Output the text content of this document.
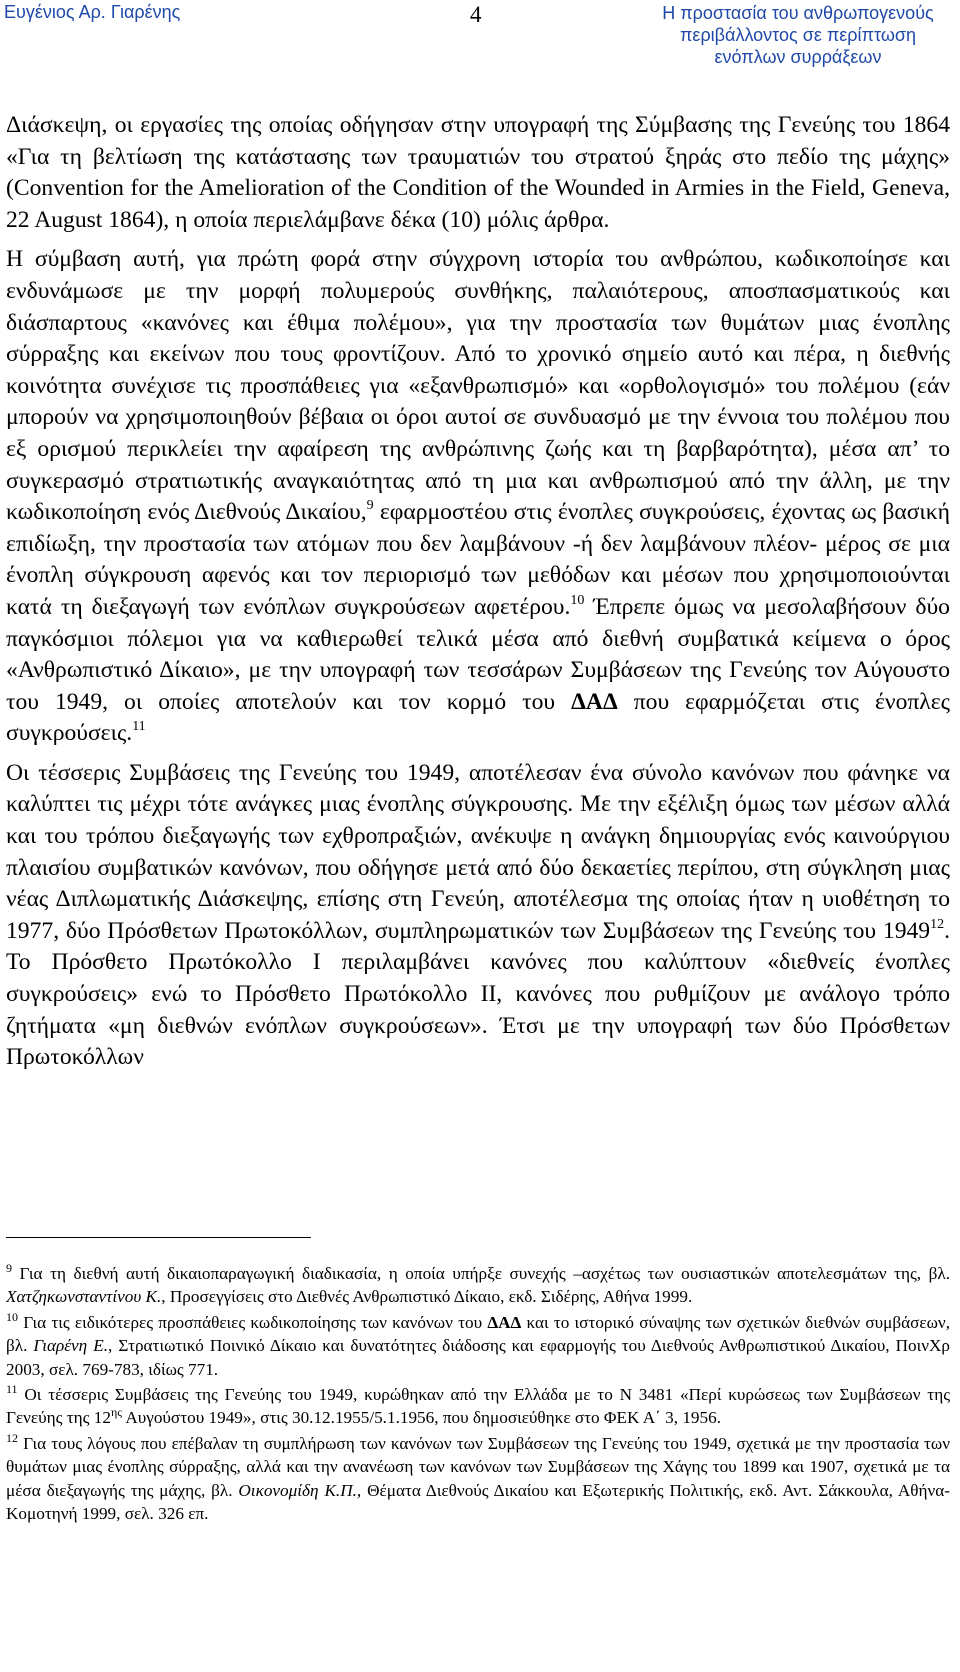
Ευγένιος Αρ. Γιαρένης	4	Η προστασία του ανθρωπογενούς
περιβάλλοντος σε περίπτωση
ενόπλων συρράξεων

Διάσκεψη, οι εργασίες της οποίας οδήγησαν στην υπογραφή της Σύμβασης της Γενεύης του 1864 «Για τη βελτίωση της κατάστασης των τραυματιών του στρατού ξηράς στο πεδίο της μάχης» (Convention for the Amelioration of the Condition of the Wounded in Armies in the Field, Geneva, 22 August 1864), η οποία περιελάμβανε δέκα (10) μόλις άρθρα.

Η σύμβαση αυτή, για πρώτη φορά στην σύγχρονη ιστορία του ανθρώπου, κωδικοποίησε και ενδυνάμωσε με την μορφή πολυμερούς συνθήκης, παλαιότερους, αποσπασματικούς και διάσπαρτους «κανόνες και έθιμα πολέμου», για την προστασία των θυμάτων μιας ένοπλης σύρραξης και εκείνων που τους φροντίζουν. Από το χρονικό σημείο αυτό και πέρα, η διεθνής κοινότητα συνέχισε τις προσπάθειες για «εξανθρωπισμό» και «ορθολογισμό» του πολέμου (εάν μπορούν να χρησιμοποιηθούν βέβαια οι όροι αυτοί σε συνδυασμό με την έννοια του πολέμου που εξ ορισμού περικλείει την αφαίρεση της ανθρώπινης ζωής και τη βαρβαρότητα), μέσα απ’ το συγκερασμό στρατιωτικής αναγκαιότητας από τη μια και ανθρωπισμού από την άλλη, με την κωδικοποίηση ενός Διεθνούς Δικαίου,$^9$ εφαρμοστέου στις ένοπλες συγκρούσεις, έχοντας ως βασική επιδίωξη, την προστασία των ατόμων που δεν λαμβάνουν -ή δεν λαμβάνουν πλέον- μέρος σε μια ένοπλη σύγκρουση αφενός και τον περιορισμό των μεθόδων και μέσων που χρησιμοποιούνται κατά τη διεξαγωγή των ενόπλων συγκρούσεων αφετέρου.$^{10}$ Έπρεπε όμως να μεσολαβήσουν δύο παγκόσμιοι πόλεμοι για να καθιερωθεί τελικά μέσα από διεθνή συμβατικά κείμενα ο όρος «Ανθρωπιστικό Δίκαιο», με την υπογραφή των τεσσάρων Συμβάσεων της Γενεύης τον Αύγουστο του 1949, οι οποίες αποτελούν και τον κορμό του ΔΑΔ που εφαρμόζεται στις ένοπλες συγκρούσεις.$^{11}$

Οι τέσσερις Συμβάσεις της Γενεύης του 1949, αποτέλεσαν ένα σύνολο κανόνων που φάνηκε να καλύπτει τις μέχρι τότε ανάγκες μιας ένοπλης σύγκρουσης. Με την εξέλιξη όμως των μέσων αλλά και του τρόπου διεξαγωγής των εχθροπραξιών, ανέκυψε η ανάγκη δημιουργίας ενός καινούργιου πλαισίου συμβατικών κανόνων, που οδήγησε μετά από δύο δεκαετίες περίπου, στη σύγκληση μιας νέας Διπλωματικής Διάσκεψης, επίσης στη Γενεύη, αποτέλεσμα της οποίας ήταν η υιοθέτηση το 1977, δύο Πρόσθετων Πρωτοκόλλων, συμπληρωματικών των Συμβάσεων της Γενεύης του 1949$^{12}$. Το Πρόσθετο Πρωτόκολλο Ι περιλαμβάνει κανόνες που καλύπτουν «διεθνείς ένοπλες συγκρούσεις» ενώ το Πρόσθετο Πρωτόκολλο ΙΙ, κανόνες που ρυθμίζουν με ανάλογο τρόπο ζητήματα «μη διεθνών ενόπλων συγκρούσεων». Έτσι με την υπογραφή των δύο Πρόσθετων Πρωτοκόλλων

$^9$ Για τη διεθνή αυτή δικαιοπαραγωγική διαδικασία, η οποία υπήρξε συνεχής –ασχέτως των ουσιαστικών αποτελεσμάτων της, βλ. Χατζηκωνσταντίνου Κ., Προσεγγίσεις στο Διεθνές Ανθρωπιστικό Δίκαιο, εκδ. Σιδέρης, Αθήνα 1999.

$^{10}$ Για τις ειδικότερες προσπάθειες κωδικοποίησης των κανόνων του ΔΑΔ και το ιστορικό σύναψης των σχετικών διεθνών συμβάσεων, βλ. Γιαρένη Ε., Στρατιωτικό Ποινικό Δίκαιο και δυνατότητες διάδοσης και εφαρμογής του Διεθνούς Ανθρωπιστικού Δικαίου, ΠοινΧρ 2003, σελ. 769-783, ιδίως 771.

$^{11}$ Οι τέσσερις Συμβάσεις της Γενεύης του 1949, κυρώθηκαν από την Ελλάδα με το Ν 3481 «Περί κυρώσεως των Συμβάσεων της Γενεύης της $12^{\eta\varsigma}$ Αυγούστου 1949», στις 30.12.1955/5.1.1956, που δημοσιεύθηκε στο ΦΕΚ Α΄ 3, 1956.

$^{12}$ Για τους λόγους που επέβαλαν τη συμπλήρωση των κανόνων των Συμβάσεων της Γενεύης του 1949, σχετικά με την προστασία των θυμάτων μιας ένοπλης σύρραξης, αλλά και την ανανέωση των κανόνων των Συμβάσεων της Χάγης του 1899 και 1907, σχετικά με τα μέσα διεξαγωγής της μάχης, βλ. Οικονομίδη Κ.Π., Θέματα Διεθνούς Δικαίου και Εξωτερικής Πολιτικής, εκδ. Αντ. Σάκκουλα, Αθήνα-Κομοτηνή 1999, σελ. 326 επ.
